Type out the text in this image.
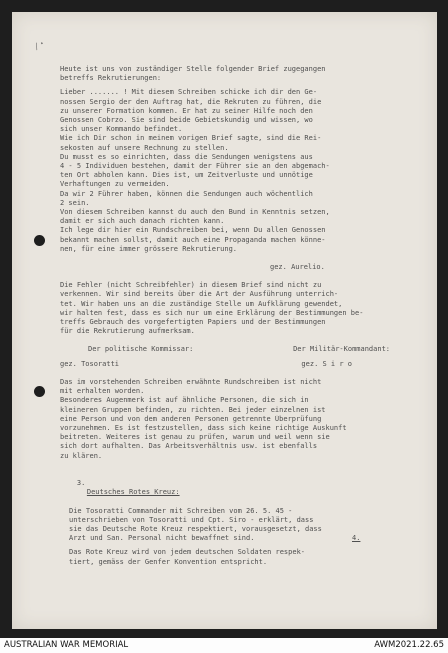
⁄·
Heute ist uns von zuständiger Stelle folgender Brief zugegangen
betreffs Rekrutierungen:
Lieber ....... ! Mit diesem Schreiben schicke ich dir den Ge-
nossen Sergio der den Auftrag hat, die Rekruten zu führen, die
zu unserer Formation kommen. Er hat zu seiner Hilfe noch den
Genossen Cobrzo. Sie sind beide Gebietskundig und wissen, wo
sich unser Kommando befindet.
Wie ich Dir schon in meinem vorigen Brief sagte, sind die Rei-
sekosten auf unsere Rechnung zu stellen.
Du musst es so einrichten, dass die Sendungen wenigstens aus
4 - 5 Individuen bestehen, damit der Führer sie an den abgemach-
ten Ort abholen kann. Dies ist, um Zeitverluste und unnötige
Verhaftungen zu vermeiden.
Da wir 2 Führer haben, können die Sendungen auch wöchentlich
2 sein.
Von diesem Schreiben kannst du auch den Bund in Kenntnis setzen,
damit er sich auch danach richten kann.
Ich lege dir hier ein Rundschreiben bei, wenn Du allen Genossen
bekannt machen sollst, damit auch eine Propaganda machen könne-
nen, für eine immer grössere Rekrutierung.
gez. Aurelio.
Die Fehler (nicht Schreibfehler) in diesem Brief sind nicht zu
verkennen. Wir sind bereits über die Art der Ausführung unterrich-
tet. Wir haben uns an die zuständige Stelle um Aufklärung gewendet,
wir halten fest, dass es sich nur um eine Erklärung der Bestimmungen be-
treffs Gebrauch des vorgefertigten Papiers und der Bestimmungen
für die Rekrutierung aufmerksam.
Der politische Kommissar:	Der Militär-Kommandant:
gez. Tosoratti	gez. S i r o
Das im vorstehenden Schreiben erwähnte Rundschreiben ist nicht
mit erhalten worden.
Besonderes Augenmerk ist auf ähnliche Personen, die sich in
kleineren Gruppen befinden, zu richten. Bei jeder einzelnen ist
eine Person und von dem anderen Personen getrennte Überprüfung
vorzunehmen. Es ist festzustellen, dass sich keine richtige Auskunft
beitreten. Weiteres ist genau zu prüfen, warum und weil wenn sie
sich dort aufhalten. Das Arbeitsverhältnis usw. ist ebenfalls
zu klären.

3.
Deutsches Rotes Kreuz:

Die Tosoratti Commander mit Schreiben vom 26. 5. 45 -
unterschrieben von Tosoratti und Cpt. Siro - erklärt, dass
sie das Deutsche Rote Kreuz respektiert, vorausgesetzt, dass
Arzt und San. Personal nicht bewaffnet sind.
Das Rote Kreuz wird von jedem deutschen Soldaten respek-
tiert, gemäss der Genfer Konvention entspricht.
4.
AUSTRALIAN WAR MEMORIAL	AWM2021.22.65
